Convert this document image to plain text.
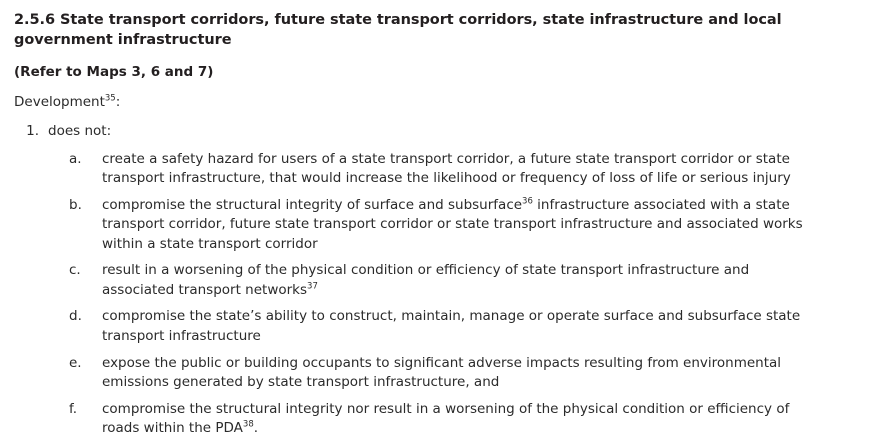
2.5.6 State transport corridors, future state transport corridors, state infrastructure and local government infrastructure
(Refer to Maps 3, 6 and 7)
Development$^{35}$:
1. does not:
a.	create a safety hazard for users of a state transport corridor, a future state transport corridor or state transport infrastructure, that would increase the likelihood or frequency of loss of life or serious injury
b.	compromise the structural integrity of surface and subsurface$^{36}$ infrastructure associated with a state transport corridor, future state transport corridor or state transport infrastructure and associated works within a state transport corridor
c.	result in a worsening of the physical condition or efficiency of state transport infrastructure and associated transport networks$^{37}$
d.	compromise the state’s ability to construct, maintain, manage or operate surface and subsurface state transport infrastructure
e.	expose the public or building occupants to significant adverse impacts resulting from environmental emissions generated by state transport infrastructure, and
f.	compromise the structural integrity nor result in a worsening of the physical condition or efficiency of roads within the PDA$^{38}$.
